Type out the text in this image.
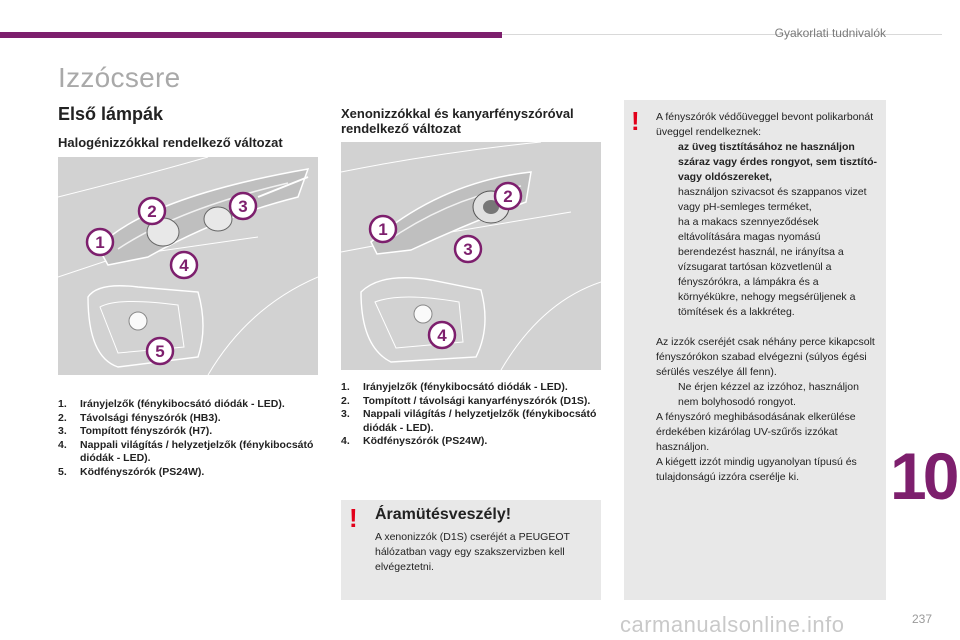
Gyakorlati tudnivalók
Izzócsere
Első lámpák
Halogénizzókkal rendelkező változat
1
2	3
4
5
1.	Irányjelzők (fénykibocsátó diódák - LED).
2.	Távolsági fényszórók (HB3).
3.	Tompított fényszórók (H7).
4.	Nappali világítás / helyzetjelzők (fénykibocsátó diódák - LED).
5.	Ködfényszórók (PS24W).
Xenonizzókkal és kanyarfényszóróval rendelkező változat
1
2
3
4
1.	Irányjelzők (fénykibocsátó diódák - LED).
2.	Tompított / távolsági kanyarfényszórók (D1S).
3.	Nappali világítás / helyzetjelzők (fénykibocsátó diódák - LED).
4.	Ködfényszórók (PS24W).
! Áramütésveszély!
A xenonizzók (D1S) cseréjét a PEUGEOT hálózatban vagy egy szakszervizben kell elvégeztetni.
! A fényszórók védőüveggel bevont polikarbonát üveggel rendelkeznek:
az üveg tisztításához ne használjon száraz vagy érdes rongyot, sem tisztító- vagy oldószereket,
használjon szivacsot és szappanos vizet vagy pH-semleges terméket,
ha a makacs szennyeződések eltávolítására magas nyomású berendezést használ, ne irányítsa a vízsugarat tartósan közvetlenül a fényszórókra, a lámpákra és a környékükre, nehogy megsérüljenek a tömítések és a lakkréteg.
Az izzók cseréjét csak néhány perce kikapcsolt fényszórókon szabad elvégezni (súlyos égési sérülés veszélye áll fenn).
Ne érjen kézzel az izzóhoz, használjon nem bolyhosodó rongyot.
A fényszóró meghibásodásának elkerülése érdekében kizárólag UV-szűrős izzókat használjon.
A kiégett izzót mindig ugyanolyan típusú és tulajdonságú izzóra cserélje ki.	10
carmanualsonline.info	237
